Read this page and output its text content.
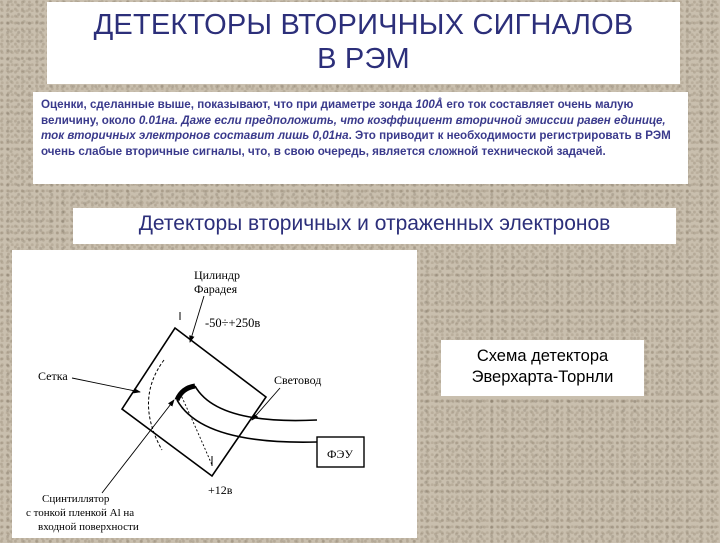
ДЕТЕКТОРЫ ВТОРИЧНЫХ СИГНАЛОВ
В РЭМ

Оценки, сделанные выше, показывают, что при диаметре зонда 100Å его ток составляет очень малую величину, около 0.01на. Даже если предположить, что коэффициент вторичной эмиссии равен единице, ток вторичных электронов составит лишь 0,01на. Это приводит к необходимости регистрировать в РЭМ очень слабые вторичные сигналы, что, в свою очередь, является сложной технической задачей.

Детекторы вторичных и отраженных электронов
ФЭУ
-50÷+250в
Цилиндр
Фарадея
Сетка	Световод
Сцинтиллятор
с тонкой пленкой Al на
входной поверхности
+12в
Схема детектора
Эверхарта-Торнли
